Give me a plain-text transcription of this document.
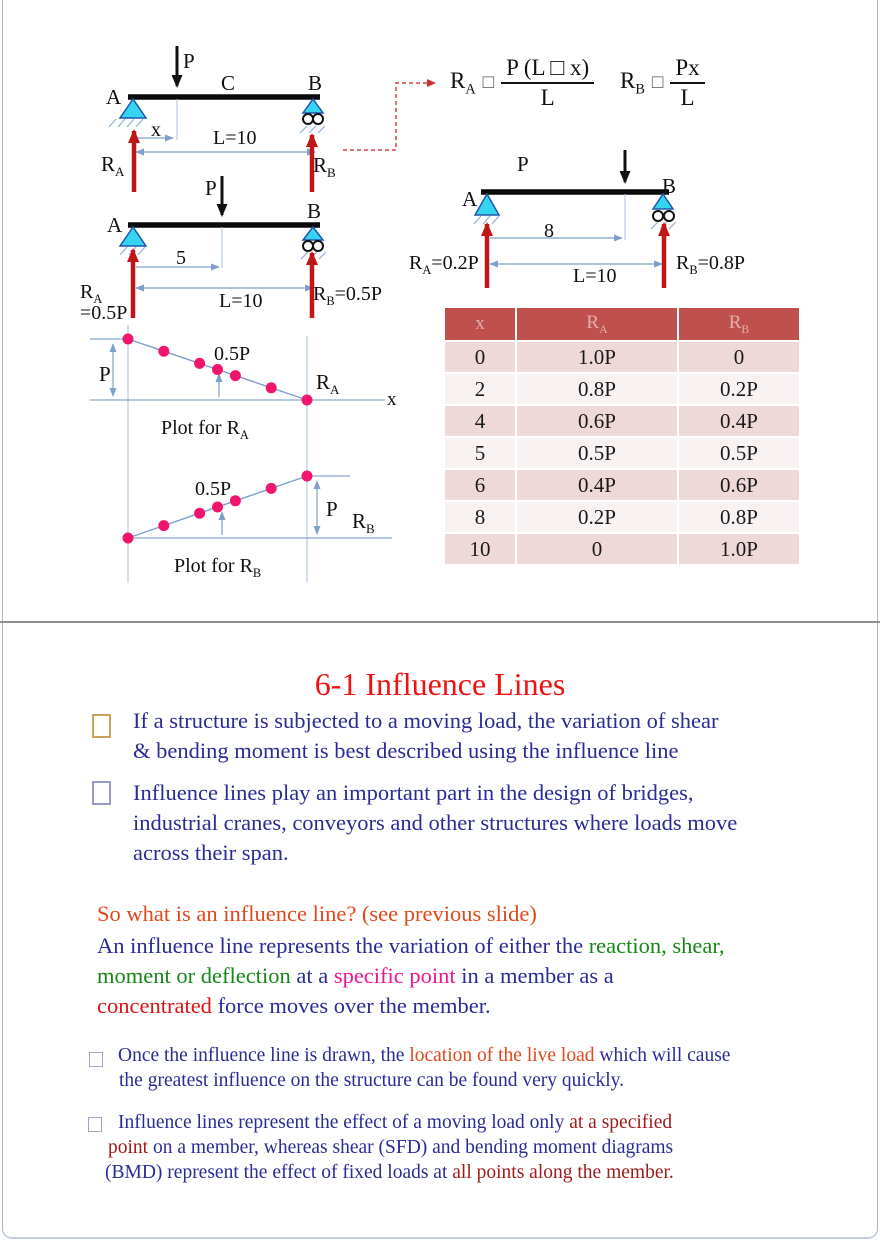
A
C	B
P
x	L=10
$R_A$	$R_B$
$R_A$ □ $\frac{P (L □ x)}{L} R_B$ □ $\frac{Px}{L}$
P
A
B
5
L=10
$R_A$
=0.5P
$R_B=0.5P$
P
A
B
8
L=10
$R_A=0.2P$	$R_B=0.8P$
P
0.5P
$R_A$	x
Plot for $R_A$
0.5P
P $R_B$
Plot for $R_B$
x	$R_A$	$R_B$
0	1.0P	0
2	0.8P	0.2P
4	0.6P	0.4P
5	0.5P	0.5P
6	0.4P	0.6P
8	0.2P	0.8P
10	0	1.0P
6-1 Influence Lines
If a structure is subjected to a moving load, the variation of shear
& bending moment is best described using the influence line
Influence lines play an important part in the design of bridges,
industrial cranes, conveyors and other structures where loads move
across their span.
So what is an influence line? (see previous slide)
An influence line represents the variation of either the reaction, shear,
moment or deflection at a specific point in a member as a
concentrated force moves over the member.
Once the influence line is drawn, the location of the live load which will cause
the greatest influence on the structure can be found very quickly.
Influence lines represent the effect of a moving load only at a specified
point on a member, whereas shear (SFD) and bending moment diagrams
(BMD) represent the effect of fixed loads at all points along the member.
